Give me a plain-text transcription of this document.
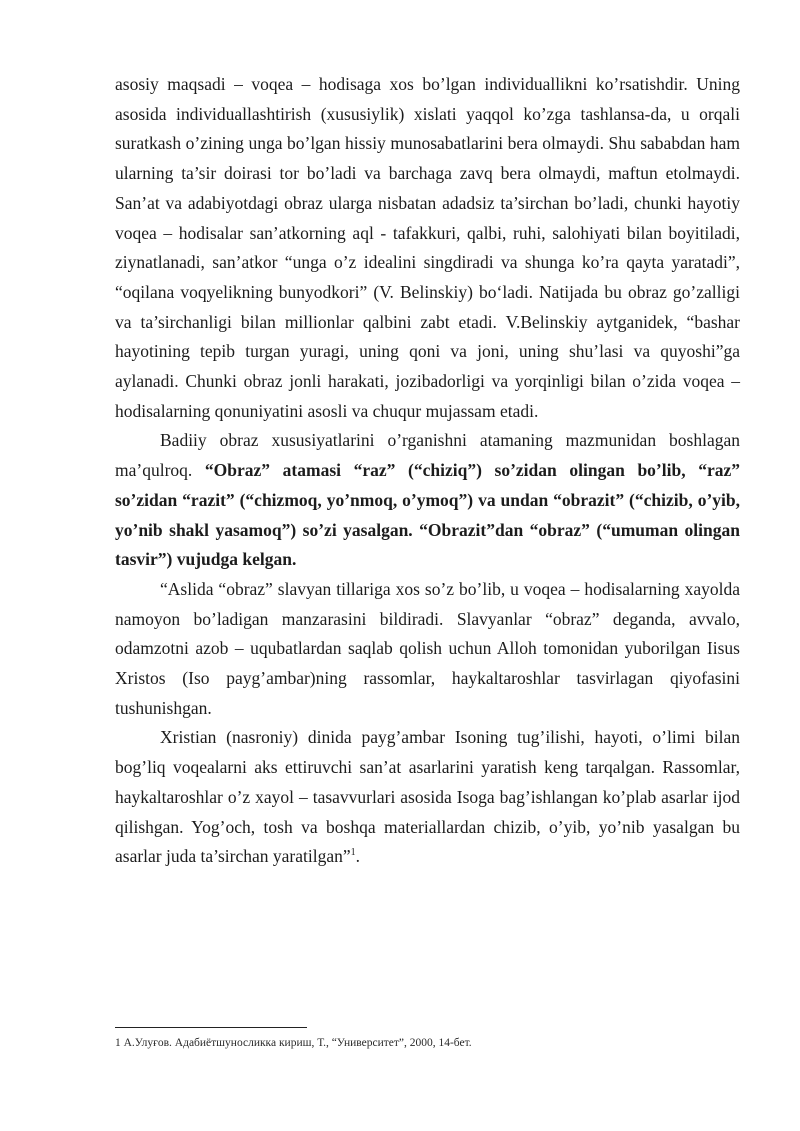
asosiy maqsadi – voqea – hodisaga xos bo’lgan individuallikni ko’rsatishdir. Uning asosida individuallashtirish (xususiylik) xislati yaqqol ko’zga tashlansa-da, u orqali suratkash o’zining unga bo’lgan hissiy munosabatlarini bera olmaydi. Shu sababdan ham ularning ta’sir doirasi tor bo’ladi va barchaga zavq bera olmaydi, maftun etolmaydi. San’at va adabiyotdagi obraz ularga nisbatan adadsiz ta’sirchan bo’ladi, chunki hayotiy voqea – hodisalar san’atkorning aql - tafakkuri, qalbi, ruhi, salohiyati bilan boyitiladi, ziynatlanadi, san’atkor “unga o’z idealini singdiradi va shunga ko’ra qayta yaratadi”, “oqilana voqyelikning bunyodkori” (V. Belinskiy) bo‘ladi. Natijada bu obraz go’zalligi va ta’sirchanligi bilan millionlar qalbini zabt etadi. V.Belinskiy aytganidek, “bashar hayotining tepib turgan yuragi, uning qoni va joni, uning shu’lasi va quyoshi”ga aylanadi. Chunki obraz jonli harakati, jozibadorligi va yorqinligi bilan o’zida voqea – hodisalarning qonuniyatini asosli va chuqur mujassam etadi.

Badiiy obraz xususiyatlarini o’rganishni atamaning mazmunidan boshlagan ma’qulroq. “Obraz” atamasi “raz” (“chiziq”) so’zidan olingan bo’lib, “raz” so’zidan “razit” (“chizmoq, yo’nmoq, o’ymoq”) va undan “obrazit” (“chizib, o’yib, yo’nib shakl yasamoq”) so’zi yasalgan. “Obrazit”dan “obraz” (“umuman olingan tasvir”) vujudga kelgan.

“Aslida “obraz” slavyan tillariga xos so’z bo’lib, u voqea – hodisalarning xayolda namoyon bo’ladigan manzarasini bildiradi. Slavyanlar “obraz” deganda, avvalo, odamzotni azob – uqubatlardan saqlab qolish uchun Alloh tomonidan yuborilgan Iisus Xristos (Iso payg’ambar)ning rassomlar, haykaltaroshlar tasvirlagan qiyofasini tushunishgan.

Xristian (nasroniy) dinida payg’ambar Isoning tug’ilishi, hayoti, o’limi bilan bog’liq voqealarni aks ettiruvchi san’at asarlarini yaratish keng tarqalgan. Rassomlar, haykaltaroshlar o’z xayol – tasavvurlari asosida Isoga bag’ishlangan ko’plab asarlar ijod qilishgan. Yog’och, tosh va boshqa materiallardan chizib, o’yib, yo’nib yasalgan bu asarlar juda ta’sirchan yaratilgan”$^1$.

1 А.Улуғов. Адабиётшуносликка кириш, Т., “Университет”, 2000, 14-бет.
